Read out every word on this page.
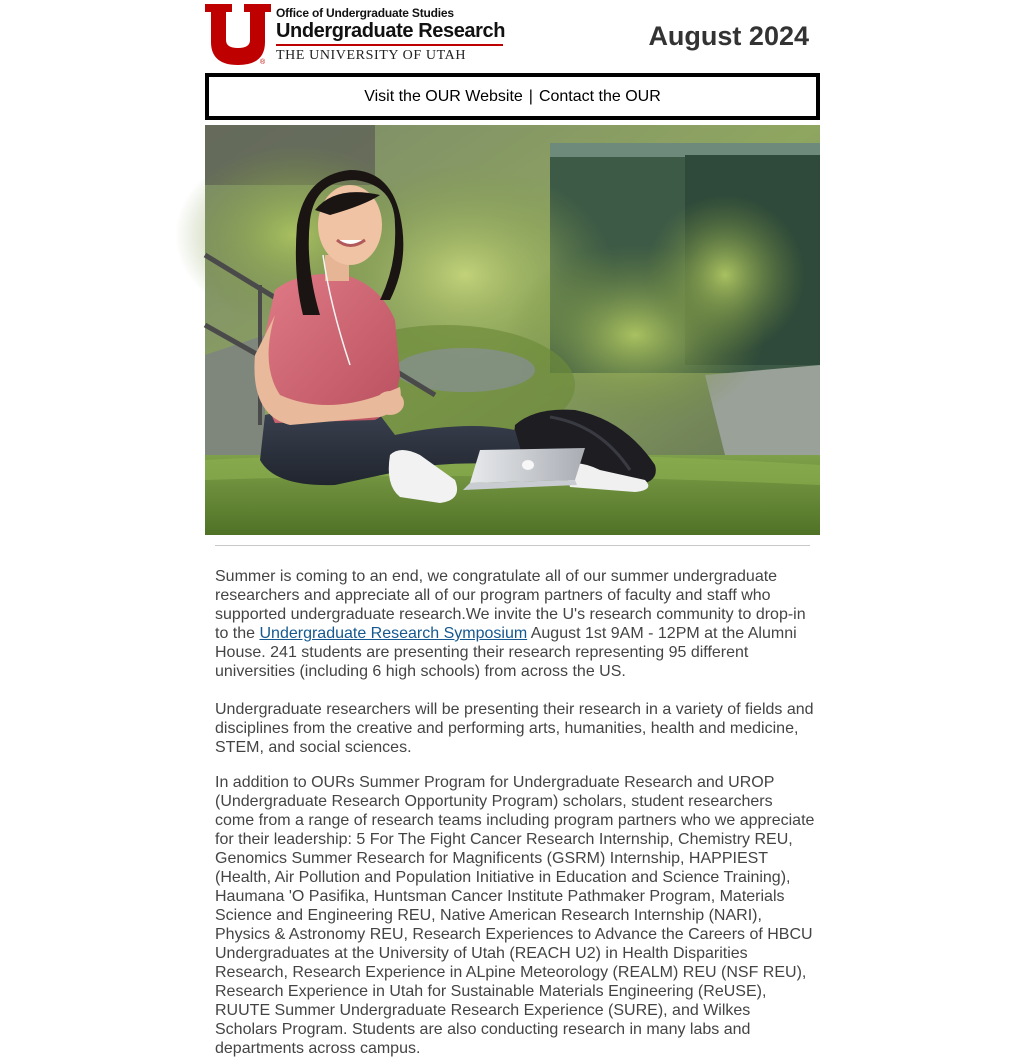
®
Office of Undergraduate Studies
Undergraduate Research
THE UNIVERSITY OF UTAH
August 2024
Visit the OUR Website | Contact the OUR

Summer is coming to an end, we congratulate all of our summer undergraduate researchers and appreciate all of our program partners of faculty and staff who supported undergraduate research.We invite the U's research community to drop-in to the Undergraduate Research Symposium August 1st 9AM - 12PM at the Alumni House. 241 students are presenting their research representing 95 different universities (including 6 high schools) from across the US.

Undergraduate researchers will be presenting their research in a variety of fields and disciplines from the creative and performing arts, humanities, health and medicine, STEM, and social sciences.

In addition to OURs Summer Program for Undergraduate Research and UROP (Undergraduate Research Opportunity Program) scholars, student researchers come from a range of research teams including program partners who we appreciate for their leadership: 5 For The Fight Cancer Research Internship, Chemistry REU, Genomics Summer Research for Magnificents (GSRM) Internship, HAPPIEST (Health, Air Pollution and Population Initiative in Education and Science Training), Haumana 'O Pasifika, Huntsman Cancer Institute Pathmaker Program, Materials Science and Engineering REU, Native American Research Internship (NARI), Physics & Astronomy REU, Research Experiences to Advance the Careers of HBCU Undergraduates at the University of Utah (REACH U2) in Health Disparities Research, Research Experience in ALpine Meteorology (REALM) REU (NSF REU), Research Experience in Utah for Sustainable Materials Engineering (ReUSE), RUUTE Summer Undergraduate Research Experience (SURE), and Wilkes Scholars Program. Students are also conducting research in many labs and departments across campus.
